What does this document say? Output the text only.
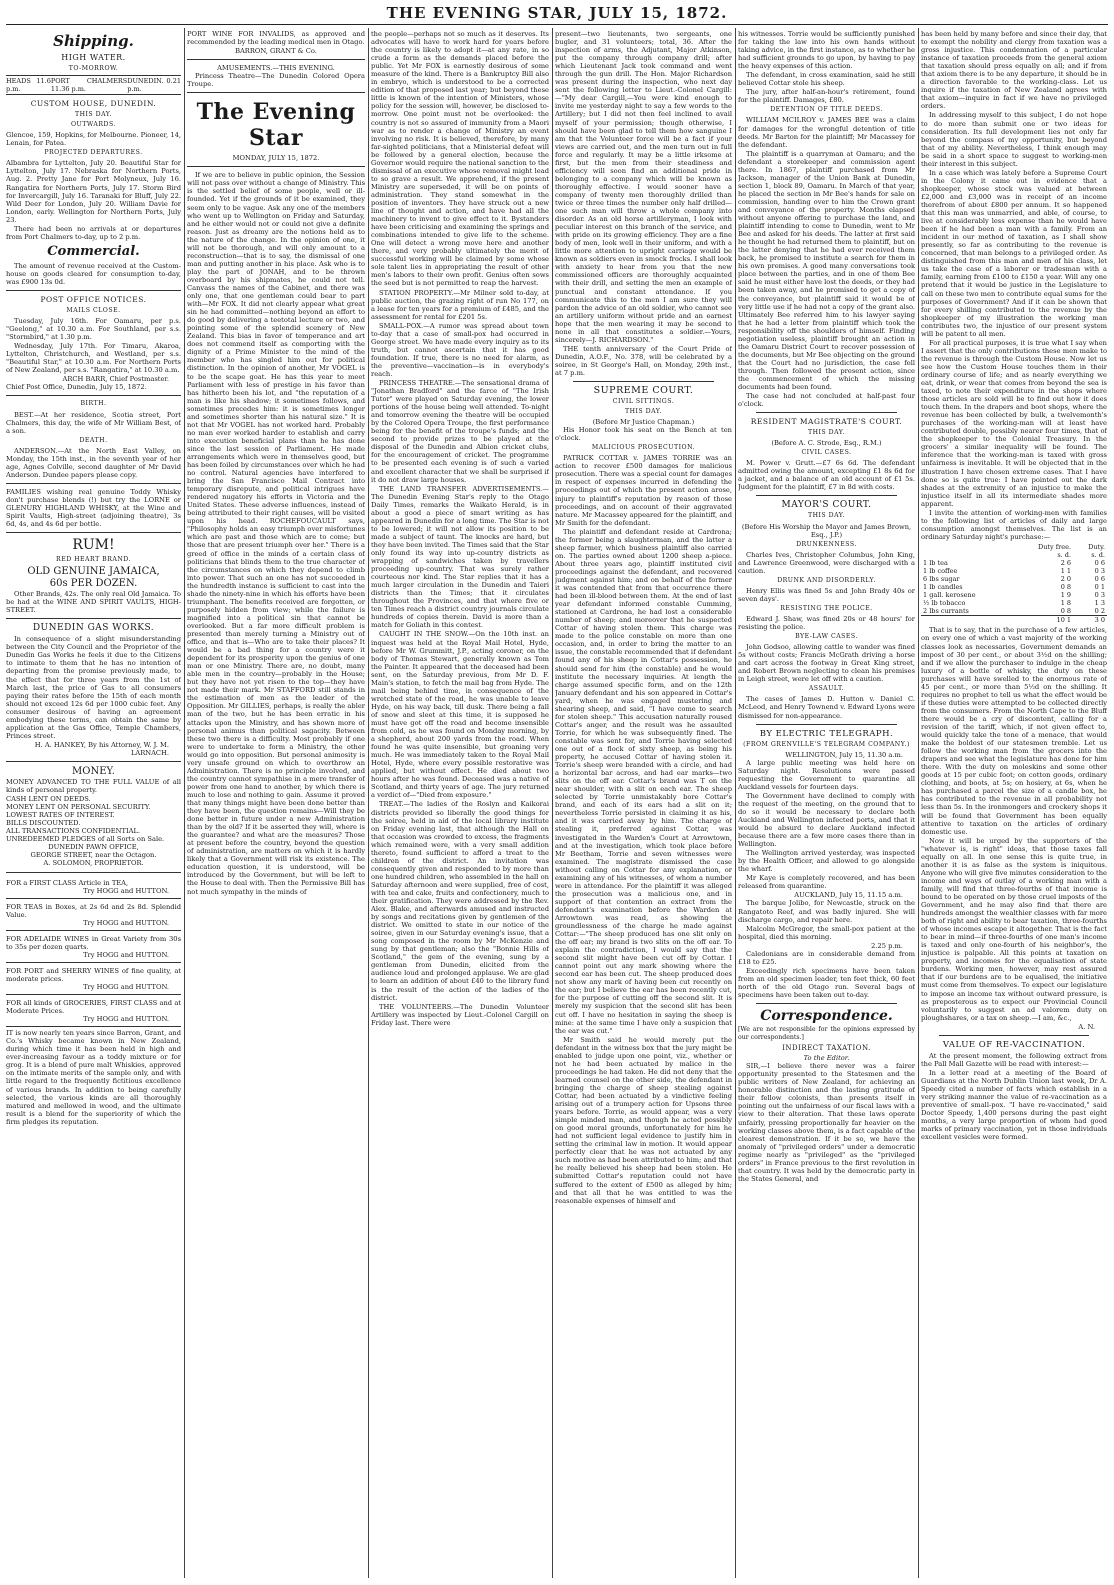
THE EVENING STAR, JULY 15, 1872.
Shipping.
HIGH WATER.
TO-MORROW.
HEADS 11.6 p.m.
PORT CHALMERS 11.36 p.m.
DUNEDIN. 0.21 p.m.
CUSTOM HOUSE, DUNEDIN.
THIS DAY.
OUTWARDS.

Glencoe, 159, Hopkins, for Melbourne. Pioneer, 14, Lenain, for Patea.

PROJECTED DEPARTURES.

Albambra for Lyttelton, July 20. Beautiful Star for Lyttelton, July 17. Nebraska for Northern Ports, Aug. 2. Pretty Jane for Port Molyneux, July 16. Rangatira for Northern Ports, July 17. Storm Bird for Invercargill, July 16. Taranaki for Bluff, July 22. Wild Deer for London, July 20. William Davie for London, early. Wellington for Northern Ports, July 23.

There had been no arrivals at or departures from Port Chalmers to-day, up to 2 p.m.

Commercial.

The amount of revenue received at the Custom-house on goods cleared for consumption to-day, was £900 13s 0d.

POST OFFICE NOTICES.
MAILS CLOSE.

Tuesday, July 16th. For Oamaru, per p.s. "Geelong," at 10.30 a.m. For Southland, per s.s. "Stormbird," at 1.30 p.m.

Wednesday, July 17th. For Timaru, Akaroa, Lyttelton, Christchurch, and Westland, per s.s. "Beautiful Star," at 10.30 a.m. For Northern Ports of New Zealand, per s.s. "Rangatira," at 10.30 a.m.

ARCH BARR, Chief Postmaster.

Chief Post Office, Dunedin, July 15, 1872.

BIRTH.

BEST.—At her residence, Scotia street, Port Chalmers, this day, the wife of Mr William Best, of a son.

DEATH.

ANDERSON.—At the North East Valley, on Monday, the 15th inst., in the seventh year of her age, Agnes Colville, second daughter of Mr David Anderson. Dundee papers please copy.

FAMILIES wishing real genuine Toddy Whisky don't purchase blends (!) but try the LORNE or GLENURY HIGHLAND WHISKY, at the Wine and Spirit Vaults, High-street (adjoining theatre), 3s 6d, 4s, and 4s 6d per bottle.

RUM!
RED HEART BRAND.
OLD GENUINE JAMAICA,
60s PER DOZEN.

Other Brands, 42s. The only real Old Jamaica. To be had at the WINE AND SPIRIT VAULTS, HIGH-STREET.

DUNEDIN GAS WORKS.

In consequence of a slight misunderstanding between the City Council and the Proprietor of the Dunedin Gas Works he feels it due to the Citizens to intimate to them that he has no intention of departing from the promise previously made, to the effect that for three years from the 1st of March last, the price of Gas to all consumers paying their rates before the 15th of each month should not exceed 12s 6d per 1000 cubic feet. Any consumer desirous of having an agreement embodying these terms, can obtain the same by application at the Gas Office, Temple Chambers, Princes street.

H. A. HANKEY, By his Attorney, W. J. M. LARNACH.
MONEY.

MONEY ADVANCED TO THE FULL VALUE of all kinds of personal property.

CASH LENT ON DEEDS.
MONEY LENT ON PERSONAL SECURITY.
LOWEST RATES OF INTEREST.
BILLS DISCOUNTED.
ALL TRANSACTIONS CONFIDENTIAL.
UNREDEEMED PLEDGES of all Sorts on Sale.
DUNEDIN PAWN OFFICE,
GEORGE STREET, near the Octagon.
A. SOLOMON, PROPRIETOR.
FOR a FIRST CLASS Article in TEA,
Try HOGG and HUTTON.
FOR TEAS in Boxes, at 2s 6d and 2s 8d. Splendid Value.
Try HOGG and HUTTON.
FOR ADELAIDE WINES in Great Variety from 30s to 35s per dozen quarts.
Try HOGG and HUTTON.
FOR PORT and SHERRY WINES of fine quality, at moderate prices.
Try HOGG and HUTTON.
FOR all kinds of GROCERIES, FIRST CLASS and at Moderate Prices.
Try HOGG and HUTTON.

IT is now nearly ten years since Barron, Grant, and Co.'s Whisky became known in New Zealand, during which time it has been held in high and ever-increasing favour as a toddy mixture or for grog. It is a blend of pure malt Whiskies, approved on the intimate merits of the sample only, and with little regard to the frequently fictitious excellence of various brands. In addition to being carefully selected, the various kinds are all thoroughly matured and mellowed in wood, and the ultimate result is a blend for the superiority of which the firm pledges its reputation.

PORT WINE FOR INVALIDS, as approved and recommended by the leading medical men in Otago.

BARRON, GRANT & Co.
AMUSEMENTS.—THIS EVENING.

Princess Theatre—The Dunedin Colored Opera Troupe.

The Evening Star
MONDAY, JULY 15, 1872.

If we are to believe in public opinion, the Session will not pass over without a change of Ministry. This is the settled belief of some people, well or ill-founded. Yet if the grounds of it be examined, they seem only to be vague. Ask any one of the members who went up to Wellington on Friday and Saturday, and he either would not or could not give a definite reason. Just as dreamy are the notions held as to the nature of the change. In the opinion of one, it will not be thorough, and will only amount to a reconstruction—that is to say, the dismissal of one man and putting another in his place. Ask who is to play the part of JONAH, and to be thrown overboard by his shipmates, he could not tell. Canvass the names of the Cabinet, and there was only one, that one gentleman could bear to part with—Mr FOX. It did not clearly appear what great sin he had committed—nothing beyond an effort to do good by delivering a teetotal lecture or two, and pointing some of the splendid scenery of New Zealand. This bias in favor of temperance and art does not commend itself as comporting with the dignity of a Prime Minister to the mind of the member who has singled him out for political distinction. In the opinion of another, Mr VOGEL is to be the scape goat. He has this year to meet Parliament with less of prestige in his favor than has hitherto been his lot, and "the reputation of a man is like his shadow; it sometimes follows, and sometimes precedes him: it is sometimes longer and sometimes shorter than his natural size." It is not that Mr VOGEL has not worked hard. Probably no man ever worked harder to establish and carry into execution beneficial plans than he has done since the last session of Parliament. He made arrangements which were in themselves good, but has been foiled by circumstances over which he had no control. Natural agencies have interfered to bring the San Francisco Mail Contract into temporary disrepute, and political intrigues have rendered nugatory his efforts in Victoria and the United States. These adverse influences, instead of being attributed to their right causes, will be visited upon his head. ROCHEFOUCAULT says, "Philosophy holds an easy triumph over misfortunes which are past and those which are to come; but those that are present triumph over her." There is a greed of office in the minds of a certain class of politicians that blinds them to the true character of the circumstances on which they depend to climb into power. That such an one has not succeeded in the hundredth instance is sufficient to cast into the shade the ninety-nine in which his efforts have been triumphant. The benefits received are forgotten, or purposely hidden from view; while the failure is magnified into a political sin that cannot be overlooked. But a far more difficult problem is presented than merely turning a Ministry out of office, and that is—Who are to take their places? It would be a bad thing for a country were it dependent for its prosperity upon the genius of one man or one Ministry. There are, no doubt, many able men in the country—probably in the House; but they have not yet risen to the top—they have not made their mark. Mr STAFFORD still stands in the estimation of men as the leader of the Opposition. Mr GILLIES, perhaps, is really the abler man of the two, but he has been erratic in his attacks upon the Ministry, and has shown more of personal animus than political sagacity. Between these two there is a difficulty. Most probably if one were to undertake to form a Ministry, the other would go into opposition. But personal animosity is very unsafe ground on which to overthrow an Administration. There is no principle involved, and the country cannot sympathise in a mere transfer of power from one hand to another, by which there is much to lose and nothing to gain. Assume it proved that many things might have been done better than they have been, the question remains—Will they be done better in future under a new Administration than by the old? If it be asserted they will, where is the guarantee? and what are the measures? Those at present before the country, beyond the question of administration, are matters on which it is hardly likely that a Government will risk its existence. The education question, it is understood, will be introduced by the Government, but will be left to the House to deal with. Then the Permissive Bill has not much sympathy in the minds of

the people—perhaps not so much as it deserves. Its advocates will have to work hard for years before the country is likely to adopt it—at any rate, in so crude a form as the demands placed before the public. Yet Mr FOX is earnestly desirous of some measure of the kind. There is a Bankruptcy Bill also in embryo, which is understood to be a corrected edition of that proposed last year; but beyond these little is known of the intention of Ministers, whose policy for the session will, however, be disclosed to-morrow. One point must not be overlooked: the country is not so assured of immunity from a Maori war as to render a change of Ministry an event involving no risk. It is believed, therefore, by many far-sighted politicians, that a Ministerial defeat will be followed by a general election, because the Governor would require the national sanction to the dismissal of an executive whose removal might lead to so grave a result. We apprehend, if the present Ministry are superseded, it will be on points of administration. They stand somewhat in the position of inventors. They have struck out a new line of thought and action, and have had all the machinery to invent to give effect to it. Bystanders have been criticising and examining the springs and combinations intended to give life to the scheme. One will detect a wrong move here and another there, and very probably ultimately the merit of successful working will be claimed by some whose sole talent lies in appropriating the result of other men's labors to their own profit. Genius often sows the seed but is not permitted to reap the harvest.

STATION PROPERTY.—Mr Milner sold to-day, at public auction, the grazing right of run No 177, on a lease for ten years for a premium of £485, and the assessment for rental for £201 5s.

SMALL-POX.—A rumor was spread about town to-day that a case of small-pox had occurred in George street. We have made every inquiry as to its truth, but cannot ascertain that it has good foundation. If true, there is no need for alarm, as the preventive—vaccination—is in everybody's reach.

PRINCESS THEATRE.—The sensational drama of "Jonathan Bradford" and the farce of "The Irish Tutor" were played on Saturday evening, the lower portions of the house being well attended. To-night and tomorrow evening the theatre will be occupied by the Colored Opera Troupe, the first performance being for the benefit of the troupe's funds; and the second to provide prizes to be played at the disposal of the Dunedin and Albion cricket clubs, for the encouragement of cricket. The programme to be presented each evening is of such a varied and excellent character that we shall be surprised if it do not draw large houses.

THE LAND TRANSFER ADVERTISEMENTS.—The Dunedin Evening Star's reply to the Otago Daily Times, remarks the Waikato Herald, is in about a good a piece of smart writing as has appeared in Dunedin for a long time. The Star is not to be lowered; it will not allow its position to be made a subject of taunt. The knocks are hard, but they have been invited. The Times said that the Star only found its way into up-country districts as wrapping of sandwiches taken by travellers proceeding up-country. That was surely rather courteous nor kind. The Star replies that it has a much larger circulation in the Dunedin and Taieri districts than the Times; that it circulates throughout the Provinces, and that where five or ten Times reach a district country journals circulate hundreds of copies therein. David is more than a match for Goliath in this contest.

CAUGHT IN THE SNOW.—On the 10th inst. an inquest was held at the Royal Mail Hotel, Hyde, before Mr W. Grummitt, J.P., acting coroner, on the body of Thomas Stewart, generally known as Tom the Painter. It appeared that the deceased had been sent, on the Saturday previous, from Mr D. F. Main's station, to fetch the mail bag from Hyde. The mail being behind time, in consequence of the wretched state of the road, he was unable to leave Hyde, on his way back, till dusk. There being a fall of snow and sleet at this time, it is supposed he must have got off the road and become insensible from cold, as he was found on Monday morning, by a shepherd, about 200 yards from the road. When found he was quite insensible, but groaning very much. He was immediately taken to the Royal Mail Hotel, Hyde, where every possible restorative was applied, but without effect. He died about two hours after he was found. Deceased was a native of Scotland, and thirty years of age. The jury returned a verdict of—"Died from exposure."

TREAT.—The ladies of the Roslyn and Kaikorai districts provided so liberally the good things for the soiree, held in aid of the local library institute on Friday evening last, that although the Hall on that occasion was crowded to excess, the fragments which remained were, with a very small addition thereto, found sufficient to afford a treat to the children of the district. An invitation was consequently given and responded to by more than one hundred children, who assembled in the hall on Saturday afternoon and were supplied, free of cost, with tea and cake, fruits and confectionery, much to their gratification. They were addressed by the Rev. Alex. Blake, and afterwards amused and instructed by songs and recitations given by gentlemen of the district. We omitted to state in our notice of the soiree, given in our Saturday evening's issue, that a song composed in the room by Mr McKenzie and sung by that gentleman; also the "Bonnie Hills of Scotland," the gem of the evening, sung by a gentleman from Dunedin, elicited from the audience loud and prolonged applause. We are glad to learn an addition of about £40 to the library fund is the result of the action of the ladies of the district.

THE VOLUNTEERS.—The Dunedin Volunteer Artillery was inspected by Lieut.-Colonel Cargill on Friday last. There were

present—two lieutenants, two sergeants, one bugler, and 31 volunteers; total, 36. After the inspection of arms, the Adjutant, Major Atkinson, put the company through company drill; after which Lieutenant Jack took command and went through the gun drill. The Hon. Major Richardson was present during the inspection, who next day sent the following letter to Lieut.-Colonel Cargill:—"My dear Cargill,—You were kind enough to invite me yesterday night to say a few words to the Artillery; but I did not then feel inclined to avail myself of your permission; though otherwise, I should have been glad to tell them how sanguine I am that the Volunteer force will be a fact if your views are carried out, and the men turn out in full force and regularly. It may be a little irksome at first, but the men from their steadiness and efficiency will soon find an additional pride in belonging to a company which will be known as thoroughly effective. I would sooner have a company of twenty men thoroughly drilled than twice or three times the number only half drilled—one such man will throw a whole company into disorder. As an old horse artilleryman, I look with peculiar interest on this branch of the service, and with pride on its growing efficiency. They are a fine body of men, look well in their uniform, and with a little more attention to upright carriage would be known as soldiers even in smock frocks. I shall look with anxiety to hear from you that the new commissioned officers are thoroughly acquainted with their drill, and setting the men an example of punctual and constant attendance. If you communicate this to the men I am sure they will pardon the advice of an old soldier, who cannot see an artillery uniform without pride and an earnest hope that the men wearing it may be second to none in all that constitutes a soldier.—Yours, sincerely—J. RICHARDSON."

THE tenth anniversary of the Court Pride of Dunedin, A.O.F., No. 378, will be celebrated by a soiree, in St George's Hall, on Monday, 29th inst., at 7 p.m.

SUPREME COURT.
CIVIL SITTINGS.
THIS DAY.
(Before Mr Justice Chapman.)

His Honor took his seat on the Bench at ten o'clock.

MALICIOUS PROSECUTION.

PATRICK COTTAR v. JAMES TORRIE was an action to recover £500 damages for malicious prosecution. There was a special count for damages in respect of expenses incurred in defending the proceedings out of which the present action arose, injury to plaintiff's reputation by reason of those proceedings, and on account of their aggravated nature. Mr Macassey appeared for the plaintiff, and Mr Smith for the defendant.

The plaintiff and defendant reside at Cardrona; the former being a slaughterman, and the latter a sheep farmer, which business plaintiff also carried on. The parties owned about 1200 sheep a-piece. About three years ago, plaintiff instituted civil proceedings against the defendant, and recovered judgment against him; and on behalf of the former it was contended that from that occurrence there had been ill-blood between them. At the end of last year defendant informed constable Cumming, stationed at Cardrona, he had lost a considerable number of sheep; and moreover that he suspected Cottar of having stolen them. This charge was made to the police constable on more than one occasion, and, in order to bring the matter to an issue, the constable recommended that if defendant found any of his sheep in Cottar's possession, he should send for him (the constable) and he would institute the necessary inquiries. At length the charge assumed specific form, and on the 12th January defendant and his son appeared in Cottar's yard, when he was engaged mustering and shearing sheep, and said, "I have come to search for stolen sheep." This accusation naturally roused Cottar's anger, and the result was he assaulted Torrie, for which he was subsequently fined. The constable was sent for, and Torrie having selected one out of a flock of sixty sheep, as being his property, he accused Cottar of having stolen it. Torrie's sheep were branded with a circle, and had a horizontal bar across, and had ear marks—two slits on the off ear. Cottar's brand was T on the near shoulder, with a slit on each ear. The sheep selected by Torrie unmistakably bore Cottar's brand, and each of its ears had a slit on it; nevertheless Torrie persisted in claiming it as his, and it was carried away by him. The charge of stealing it, preferred against Cottar, was investigated in the Warden's Court at Arrowtown, and at the investigation, which took place before Mr Beetham, Torrie and seven witnesses were examined. The magistrate dismissed the case without calling on Cottar for any explanation, or examining any of his witnesses, of whom a number were in attendance. For the plaintiff it was alleged the prosecution was a malicious one, and in support of that contention an extract from the defendant's examination before the Warden at Arrowtown was read, as showing the groundlessness of the charge he made against Cottar:—"The sheep produced has one slit only on the off ear; my brand is two slits on the off ear. To explain the contradiction, I would say that the second slit might have been cut off by Cottar. I cannot point out any mark showing where the second ear has been cut. The sheep produced does not show any mark of having been cut recently on the ear; but I believe the ear has been recently cut, for the purpose of cutting off the second slit. It is merely my suspicion that the second slit has been cut off. I have no hesitation in saying the sheep is mine: at the same time I have only a suspicion that the ear was cut."

Mr Smith said he would merely put the defendant in the witness box that the jury might be enabled to judge upon one point, viz., whether or not he had been actuated by malice in the proceedings he had taken. He did not deny that the learned counsel on the other side, the defendant in bringing the charge of sheep stealing against Cottar, had been actuated by a vindictive feeling arising out of a trumpery action for Upsons three years before. Torrie, as would appear, was a very simple minded man, and though he acted possibly on good moral grounds, unfortunately for him he had not sufficient legal evidence to justify him in setting the criminal law in motion. It would appear perfectly clear that he was not actuated by any such motive as had been attributed to him; and that he really believed his sheep had been stolen. He submitted Cottar's reputation could not have suffered to the extent of £500 as alleged by him; and that all that he was entitled to was the reasonable expenses of himself and

his witnesses. Torrie would be sufficiently punished for taking the law into his own hands without taking advice, in the first instance, as to whether he had sufficient grounds to go upon, by having to pay the heavy expenses of this action.

The defendant, in cross examination, said he still believed Cottar stole his sheep.

The jury, after half-an-hour's retirement, found for the plaintiff. Damages, £80.

DETENTION OF TITLE DEEDS.

WILLIAM MCILROY v. JAMES BEE was a claim for damages for the wrongful detention of title deeds. Mr Barton for the plaintiff; Mr Macassey for the defendant.

The plaintiff is a quarryman at Oamaru; and the defendant a storekeeper and commission agent there. In 1867, plaintiff purchased from Mr Jackson, manager of the Union Bank at Dunedin, section 1, block 89, Oamaru. In March of that year, he placed the section in Mr Bee's hands for sale on commission, handing over to him the Crown grant and conveyance of the property. Months elapsed without anyone offering to purchase the land, and plaintiff intending to come to Dunedin, went to Mr Bee and asked for his deeds. The latter at first said he thought he had returned them to plaintiff, but on the latter denying that he had ever received them back, he promised to institute a search for them in his own premises. A good many conversations took place between the parties, and in one of them Bee said he must either have lost the deeds, or they had been taken away, and he promised to get a copy of the conveyance, but plaintiff said it would be of very little use if he had not a copy of the grant also. Ultimately Bee referred him to his lawyer saying that he had a letter from plaintiff which took the responsibility off the shoulders of himself. Finding negotiation useless, plaintiff brought an action in the Oamaru District Court to recover possession of the documents, but Mr Bee objecting on the ground that the Court had no jurisdiction, the case fell through. Then followed the present action, since the commencement of which the missing documents had been found.

The case had not concluded at half-past four o'clock.

RESIDENT MAGISTRATE'S COURT.
THIS DAY.
(Before A. C. Strode, Esq., R.M.)
CIVIL CASES.

M. Power v. Grutt.—£7 6s 6d. The defendant admitted owing the amount, excepting £1 8s 6d for a jacket, and a balance of an old account of £1 5s. Judgment for the plaintiff, £7 in 8d with costs.

MAYOR'S COURT.
THIS DAY.
(Before His Worship the Mayor and James Brown, Esq., J.P.)
DRUNKENNESS.

Charles Ives, Christopher Columbus, John King, and Lawrence Greenwood, were discharged with a caution.

DRUNK AND DISORDERLY.

Henry Ellis was fined 5s and John Brady 40s or seven days'.

RESISTING THE POLICE.

Edward J. Shaw, was fined 20s or 48 hours' for resisting the police.

BYE-LAW CASES.

John Godsoo, allowing cattle to wander was fined 5s without costs; Francis McGrath driving a horse and cart across the footway in Great King street, and Robert Brown neglecting to clean his premises in Leigh street, were let off with a caution.

ASSAULT.

The cases of James D. Hutton v. Daniel C. McLeod, and Henry Townend v. Edward Lyons were dismissed for non-appearance.

BY ELECTRIC TELEGRAPH.
(FROM GRENVILLE'S TELEGRAM COMPANY.)
WELLINGTON, July 15, 11.30 a.m.

A large public meeting was held here on Saturday night. Resolutions were passed requesting the Government to quarantine all Auckland vessels for fourteen days.

The Government have declined to comply with the request of the meeting, on the ground that to do so it would be necessary to declare both Auckland and Wellington infected ports, and that it would be absurd to declare Auckland infected because there are a few more cases there than in Wellington.

The Wellington arrived yesterday, was inspected by the Health Officer, and allowed to go alongside the wharf.

Mr Kaye is completely recovered, and has been released from quarantine.

AUCKLAND, July 15, 11.15 a.m.

The barque Jolibo, for Newcastle, struck on the Rangatoto Reef, and was badly injured. She will discharge cargo, and repair here.

Malcolm McGregor, the small-pox patient at the hospital, died this morning.

2.25 p.m.

Caledonians are in considerable demand from £18 to £25.

Exceedingly rich specimens have been taken from an old specimen leader, ten feet thick, 60 feet north of the old Otago run. Several bags of specimens have been taken out to-day.

Correspondence.

[We are not responsible for the opinions expressed by our correspondents.]

INDIRECT TAXATION.
To the Editor.

SIR,—I believe there never was a fairer opportunity presented to the Statesmen and the public writers of New Zealand, for achieving an honorable distinction and the lasting gratitude of their fellow colonists, than presents itself in pointing out the unfairness of our fiscal laws with a view to their alteration. That these laws operate unfairly, pressing proportionally far heavier on the working classes above them, is a fact capable of the clearest demonstration. If it be so, we have the anomaly of "privileged orders" under a democratic regime nearly as "privileged" as the "privileged orders" in France previous to the first revolution in that country. It was held by the democratic party in the States General, and

has been held by many before and since their day, that to exempt the nobility and clergy from taxation was a gross injustice. This condemnation of a particular instance of taxation proceeds from the general axiom that taxation should press equally on all; and if from that axiom there is to be any departure, it should be in a direction favorable to the working-class. Let us inquire if the taxation of New Zealand agrees with that axiom—inquire in fact if we have no privileged orders.

In addressing myself to this subject, I do not hope to do more than submit one or two ideas for consideration. Its full development lies not only far beyond the compass of my opportunity, but beyond that of my ability. Nevertheless, I think enough may be said in a short space to suggest to working-men their interest in this subject.

In a case which was lately before a Supreme Court in the Colony it came out in evidence that a shopkeeper, whose stock was valued at between £2,000 and £3,000 was in receipt of an income therefrom of about £800 per annum. It so happened that this man was unmarried, and able, of course, to live at considerably less expense than he would have been if he had been a man with a family. From an incident in our method of taxation, as I shall show presently, so far as contributing to the revenue is concerned, that man belongs to a privileged order. As distinguished from this man and men of his class, let us take the case of a laborer or tradesman with a family, earning from £100 to £150 a year. Will any one pretend that it would be justice in the Legislature to call on these two men to contribute equal sums for the purposes of Government? And if it can be shown that for every shilling contributed to the revenue by the shopkeeper of my illustration the working man contributes two, the injustice of our present system will be patent to all men.

For all practical purposes, it is true what I say when I assert that the only contributions these men make to the revenue is through the Custom House. Now let us see how the Custom House touches them in their ordinary course of life; and as nearly everything we eat, drink, or wear that comes from beyond the sea is taxed, to note their expenditure in the shops where those articles are sold will be to find out how it does touch them. In the drapers and boot shops, where the revenue has been collected by bulk, a twelvemonth's purchases of the working-man will at least have contributed double, possibly nearer four times, that of the shopkeeper to the Colonial Treasury. In the grocers' a similar inequality will be found. The inference that the working-man is taxed with gross unfairness is inevitable. It will be objected that in the illustration I have chosen extreme cases. That I have done so is quite true: I have pointed out the dark shades at the extremity of an injustice to make the injustice itself in all its intermediate shades more apparent.

I invite the attention of working-men with families to the following list of articles of daily and large consumption amongst themselves. The list is an ordinary Saturday night's purchase:—

	Duty free.	Duty.
	s. d.	s. d.
1 lb tea	2 6	0 6
1 lb coffee	1 1	0 3
6 lbs sugar	2 0	0 6
1 lb candles	0 8	0 1
1 gall. kerosene	1 9	0 3
½ lb tobacco	1 8	1 3
2 lbs currants	0 8	0 2
	10 1	3 0

That is to say, that in the purchase of a few articles, on every one of which a vast majority of the working classes look as necessaries, Government demands an impost of 30 per cent., or about 3½d on the shilling; and if we allow the purchaser to indulge in the cheap luxury of a bottle of whisky, the duty on these purchases will have swelled to the enormous rate of 45 per cent., or more than 5½d on the shilling. It requires no prophet to tell us what the effect would be if these duties were attempted to be collected directly from the consumers. From the North Cape to the Bluff there would be a cry of discontent, calling for a revision of the tariff, which, if not given effect to, would quickly take the tone of a menace, that would make the boldest of our statesmen tremble. Let us follow the working man from the grocers into the drapers and see what the legislature has done for him there. With the duty on moleskins and some other goods at 15 per cubic foot; on cotton goods, ordinary clothing, and boots, at 5s; on hosiery, at 6s, when he has purchased a parcel the size of a candle box, he has contributed to the revenue in all probability not less than 5s. In the ironmongers and crockery shops it will be found that Government has been equally attentive to taxation on the articles of ordinary domestic use.

Now it will be urged by the supporters of the "whatever is, is right" ideas, that those taxes fall equally on all. In one sense this is quite true, in another it is as false as the system is iniquitous. Anyone who will give five minutes consideration to the income and ways of outlay of a working man with a family, will find that three-fourths of that income is bound to be operated on by those cruel imposts of the Government, and he may also find that there are hundreds amongst the wealthier classes with far more both of right and ability to bear taxation, three-fourths of whose incomes escape it altogether. That is the fact to bear in mind—if three-fourths of one man's income is taxed and only one-fourth of his neighbor's, the injustice is palpable. All this points at taxation on property, and incomes for the equalisation of state burdens. Working men, however, may rest assured that if our burdens are to be equalised, the initiative must come from themselves. To expect our legislature to impose an income tax without outward pressure, is as preposterous as to expect our Provincial Council voluntarily to suggest an ad valorem duty on ploughshares, or a tax on sheep.—I am, &c.,

A. N.
VALUE OF RE-VACCINATION.

At the present moment, the following extract from the Pall Mall Gazette will be read with interest:—

In a letter read at a meeting of the Board of Guardians at the North Dublin Union last week, Dr A. Speedy cited a number of facts which establish in a very striking manner the value of re-vaccination as a preventive of small-pox. "I have re-vaccinated," said Doctor Speedy, 1,400 persons during the past eight months, a very large proportion of whom had good marks of primary vaccination, yet in those individuals excellent vesicles were formed.
